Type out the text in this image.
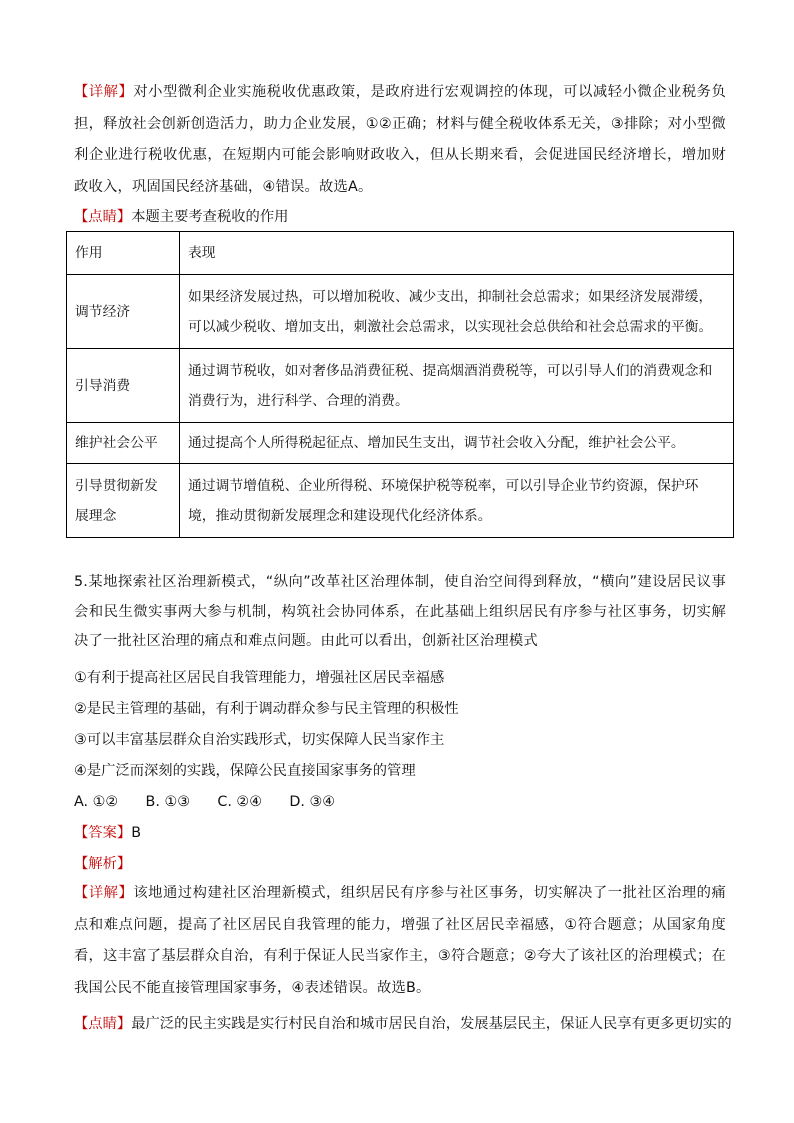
【详解】对小型微利企业实施税收优惠政策，是政府进行宏观调控的体现，可以减轻小微企业税务负担，释放社会创新创造活力，助力企业发展，①②正确；材料与健全税收体系无关，③排除；对小型微利企业进行税收优惠，在短期内可能会影响财政收入，但从长期来看，会促进国民经济增长，增加财政收入，巩固国民经济基础，④错误。故选A。

【点睛】本题主要考查税收的作用

作用	表现
调节经济	如果经济发展过热，可以增加税收、减少支出，抑制社会总需求；如果经济发展滞缓，可以减少税收、增加支出，刺激社会总需求，以实现社会总供给和社会总需求的平衡。
引导消费	通过调节税收，如对奢侈品消费征税、提高烟酒消费税等，可以引导人们的消费观念和消费行为，进行科学、合理的消费。
维护社会公平	通过提高个人所得税起征点、增加民生支出，调节社会收入分配，维护社会公平。
引导贯彻新发展理念	通过调节增值税、企业所得税、环境保护税等税率，可以引导企业节约资源，保护环境，推动贯彻新发展理念和建设现代化经济体系。

5.某地探索社区治理新模式，“纵向”改革社区治理体制，使自治空间得到释放，“横向”建设居民议事会和民生微实事两大参与机制，构筑社会协同体系，在此基础上组织居民有序参与社区事务，切实解决了一批社区治理的痛点和难点问题。由此可以看出，创新社区治理模式

①有利于提高社区居民自我管理能力，增强社区居民幸福感

②是民主管理的基础，有利于调动群众参与民主管理的积极性

③可以丰富基层群众自治实践形式，切实保障人民当家作主

④是广泛而深刻的实践，保障公民直接国家事务的管理

A. ①② B. ①③ C. ②④ D. ③④

【答案】B

【解析】

【详解】该地通过构建社区治理新模式，组织居民有序参与社区事务，切实解决了一批社区治理的痛点和难点问题，提高了社区居民自我管理的能力，增强了社区居民幸福感，①符合题意；从国家角度看，这丰富了基层群众自治，有利于保证人民当家作主，③符合题意；②夸大了该社区的治理模式；在我国公民不能直接管理国家事务，④表述错误。故选B。

【点睛】最广泛的民主实践是实行村民自治和城市居民自治，发展基层民主，保证人民享有更多更切实的
